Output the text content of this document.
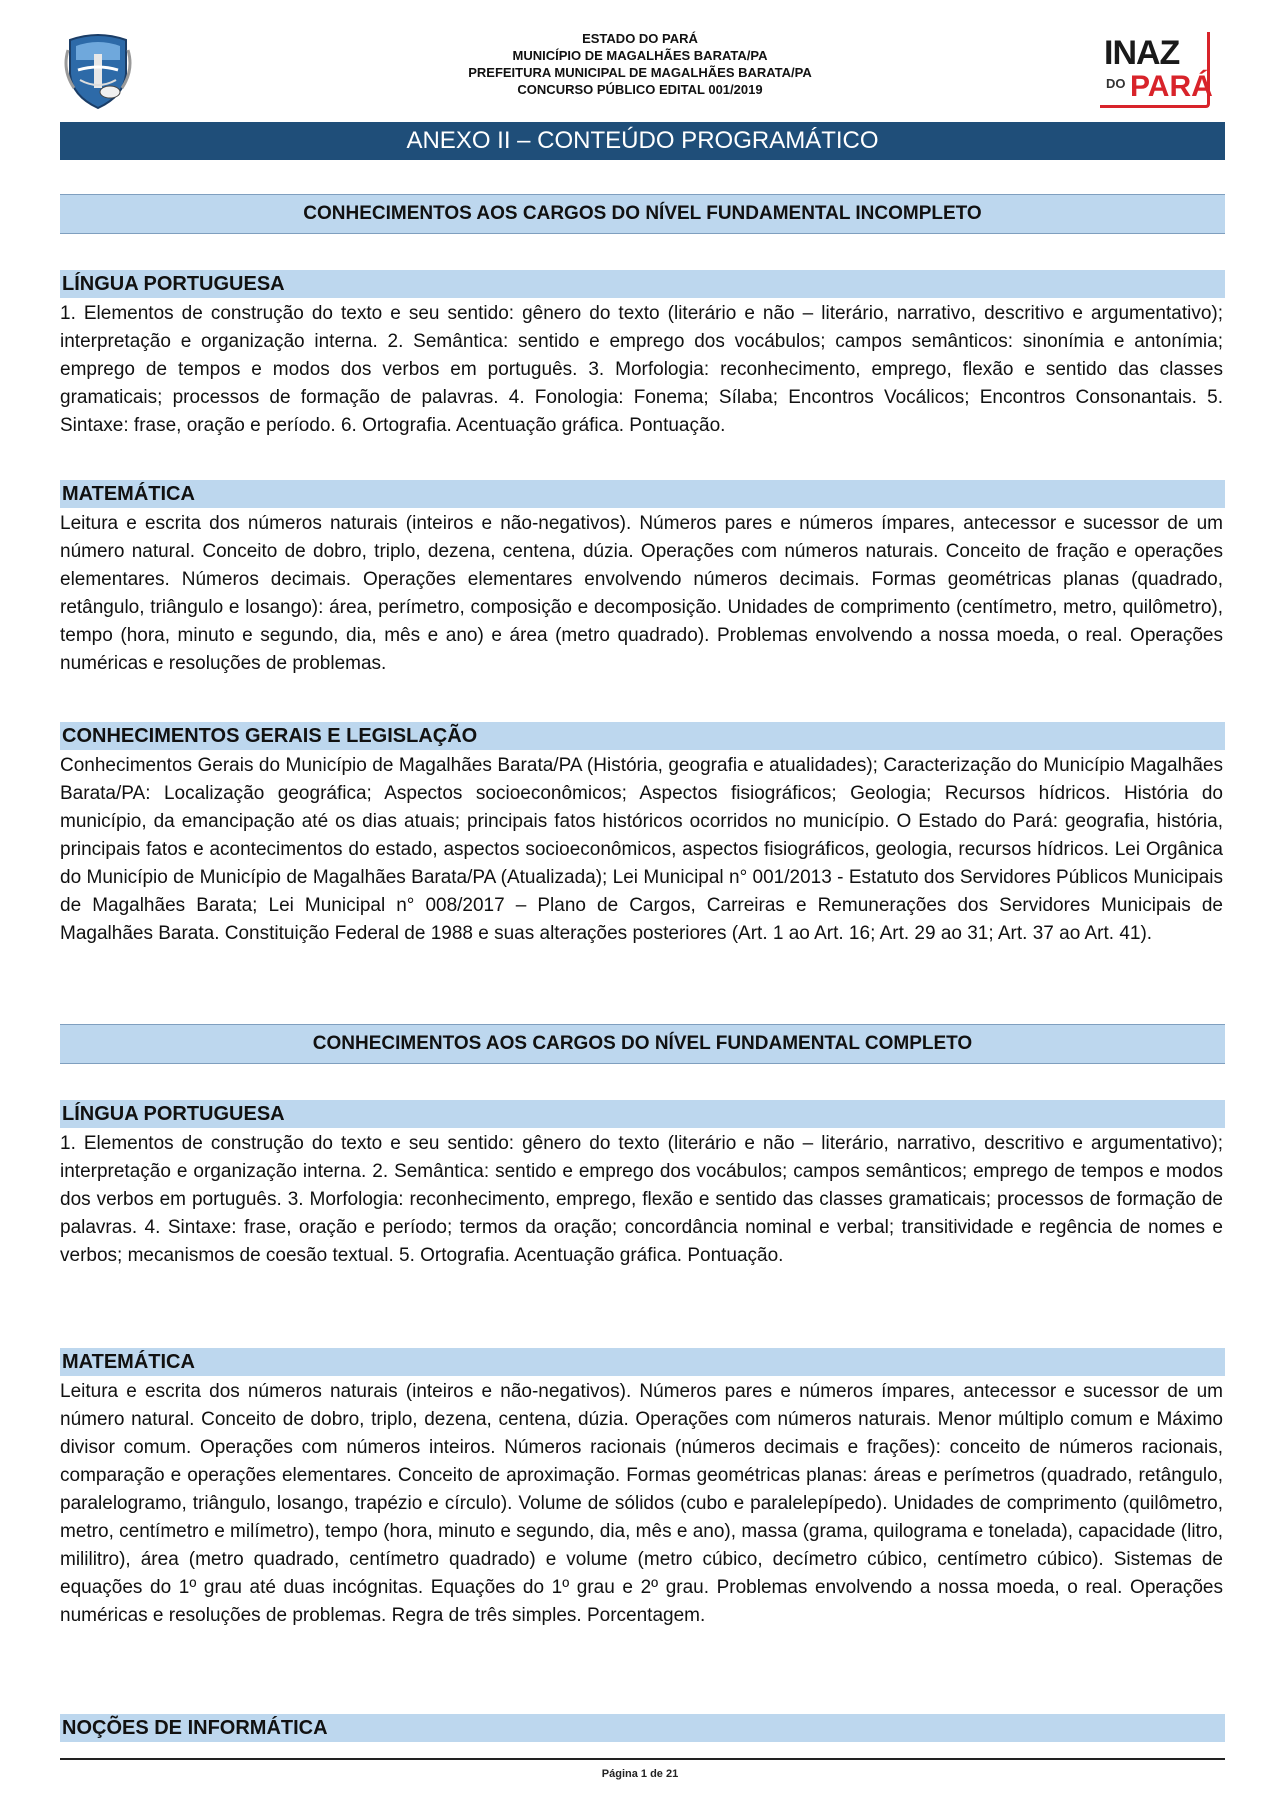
ESTADO DO PARÁ
MUNICÍPIO DE MAGALHÃES BARATA/PA
PREFEITURA MUNICIPAL DE MAGALHÃES BARATA/PA
CONCURSO PÚBLICO EDITAL 001/2019
INAZ
DO PARÁ
ANEXO II – CONTEÚDO PROGRAMÁTICO
CONHECIMENTOS AOS CARGOS DO NÍVEL FUNDAMENTAL INCOMPLETO
LÍNGUA PORTUGUESA
1. Elementos de construção do texto e seu sentido: gênero do texto (literário e não – literário, narrativo, descritivo e argumentativo); interpretação e organização interna. 2. Semântica: sentido e emprego dos vocábulos; campos semânticos: sinonímia e antonímia; emprego de tempos e modos dos verbos em português. 3. Morfologia: reconhecimento, emprego, flexão e sentido das classes gramaticais; processos de formação de palavras. 4. Fonologia: Fonema; Sílaba; Encontros Vocálicos; Encontros Consonantais. 5. Sintaxe: frase, oração e período. 6. Ortografia. Acentuação gráfica. Pontuação.
MATEMÁTICA
Leitura e escrita dos números naturais (inteiros e não-negativos). Números pares e números ímpares, antecessor e sucessor de um número natural. Conceito de dobro, triplo, dezena, centena, dúzia. Operações com números naturais. Conceito de fração e operações elementares. Números decimais. Operações elementares envolvendo números decimais. Formas geométricas planas (quadrado, retângulo, triângulo e losango): área, perímetro, composição e decomposição. Unidades de comprimento (centímetro, metro, quilômetro), tempo (hora, minuto e segundo, dia, mês e ano) e área (metro quadrado). Problemas envolvendo a nossa moeda, o real. Operações numéricas e resoluções de problemas.
CONHECIMENTOS GERAIS E LEGISLAÇÃO
Conhecimentos Gerais do Município de Magalhães Barata/PA (História, geografia e atualidades); Caracterização do Município Magalhães Barata/PA: Localização geográfica; Aspectos socioeconômicos; Aspectos fisiográficos; Geologia; Recursos hídricos. História do município, da emancipação até os dias atuais; principais fatos históricos ocorridos no município. O Estado do Pará: geografia, história, principais fatos e acontecimentos do estado, aspectos socioeconômicos, aspectos fisiográficos, geologia, recursos hídricos. Lei Orgânica do Município de Município de Magalhães Barata/PA (Atualizada); Lei Municipal n° 001/2013 - Estatuto dos Servidores Públicos Municipais de Magalhães Barata; Lei Municipal n° 008/2017 – Plano de Cargos, Carreiras e Remunerações dos Servidores Municipais de Magalhães Barata. Constituição Federal de 1988 e suas alterações posteriores (Art. 1 ao Art. 16; Art. 29 ao 31; Art. 37 ao Art. 41).
CONHECIMENTOS AOS CARGOS DO NÍVEL FUNDAMENTAL COMPLETO
LÍNGUA PORTUGUESA
1. Elementos de construção do texto e seu sentido: gênero do texto (literário e não – literário, narrativo, descritivo e argumentativo); interpretação e organização interna. 2. Semântica: sentido e emprego dos vocábulos; campos semânticos; emprego de tempos e modos dos verbos em português. 3. Morfologia: reconhecimento, emprego, flexão e sentido das classes gramaticais; processos de formação de palavras. 4. Sintaxe: frase, oração e período; termos da oração; concordância nominal e verbal; transitividade e regência de nomes e verbos; mecanismos de coesão textual. 5. Ortografia. Acentuação gráfica. Pontuação.
MATEMÁTICA
Leitura e escrita dos números naturais (inteiros e não-negativos). Números pares e números ímpares, antecessor e sucessor de um número natural. Conceito de dobro, triplo, dezena, centena, dúzia. Operações com números naturais. Menor múltiplo comum e Máximo divisor comum. Operações com números inteiros. Números racionais (números decimais e frações): conceito de números racionais, comparação e operações elementares. Conceito de aproximação. Formas geométricas planas: áreas e perímetros (quadrado, retângulo, paralelogramo, triângulo, losango, trapézio e círculo). Volume de sólidos (cubo e paralelepípedo). Unidades de comprimento (quilômetro, metro, centímetro e milímetro), tempo (hora, minuto e segundo, dia, mês e ano), massa (grama, quilograma e tonelada), capacidade (litro, mililitro), área (metro quadrado, centímetro quadrado) e volume (metro cúbico, decímetro cúbico, centímetro cúbico). Sistemas de equações do 1º grau até duas incógnitas. Equações do 1º grau e 2º grau. Problemas envolvendo a nossa moeda, o real. Operações numéricas e resoluções de problemas. Regra de três simples. Porcentagem.
NOÇÕES DE INFORMÁTICA
Página 1 de 21
